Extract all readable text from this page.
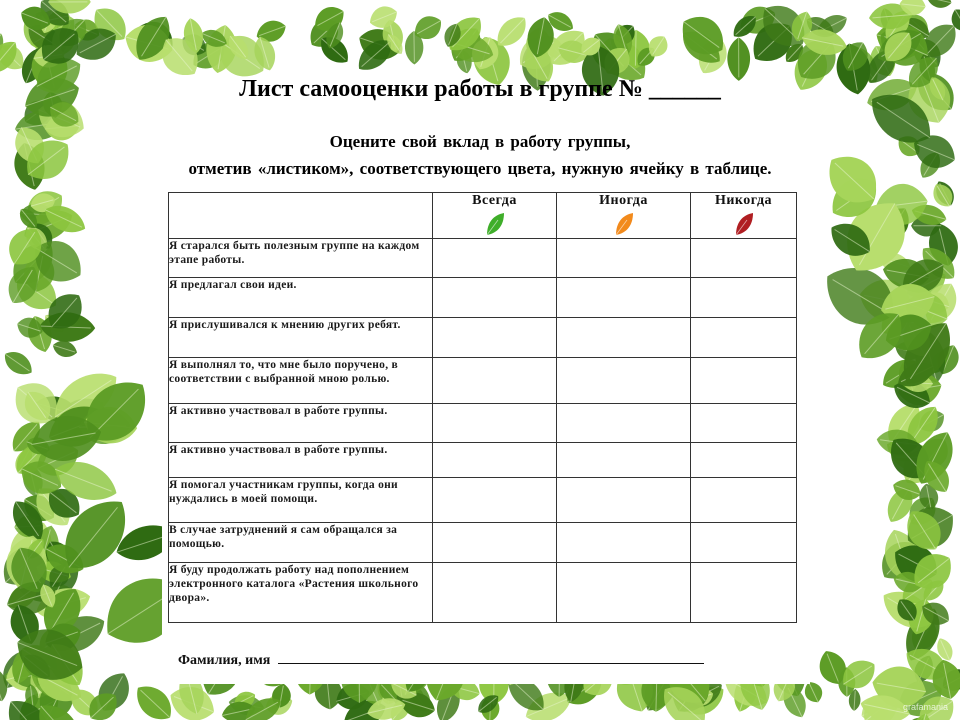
Лист самооценки работы в группе № ______
Оцените свой вклад в работу группы,
отметив «листиком», соответствующего цвета, нужную ячейку в таблице.

	Всегда	Иногда	Никогда

Я старался быть полезным группе на каждом этапе работы.			
Я предлагал свои идеи.			
Я прислушивался к мнению других ребят.			
Я выполнял то, что мне было поручено, в соответствии с выбранной мною ролью.			
Я активно участвовал в работе группы.			
Я активно участвовал в работе группы.			
Я помогал участникам группы, когда они нуждались в моей помощи.			
В случае затруднений я сам обращался за помощью.			
Я буду продолжать работу над пополнением электронного каталога «Растения школьного двора».			
Фамилия, имя
grafamania
